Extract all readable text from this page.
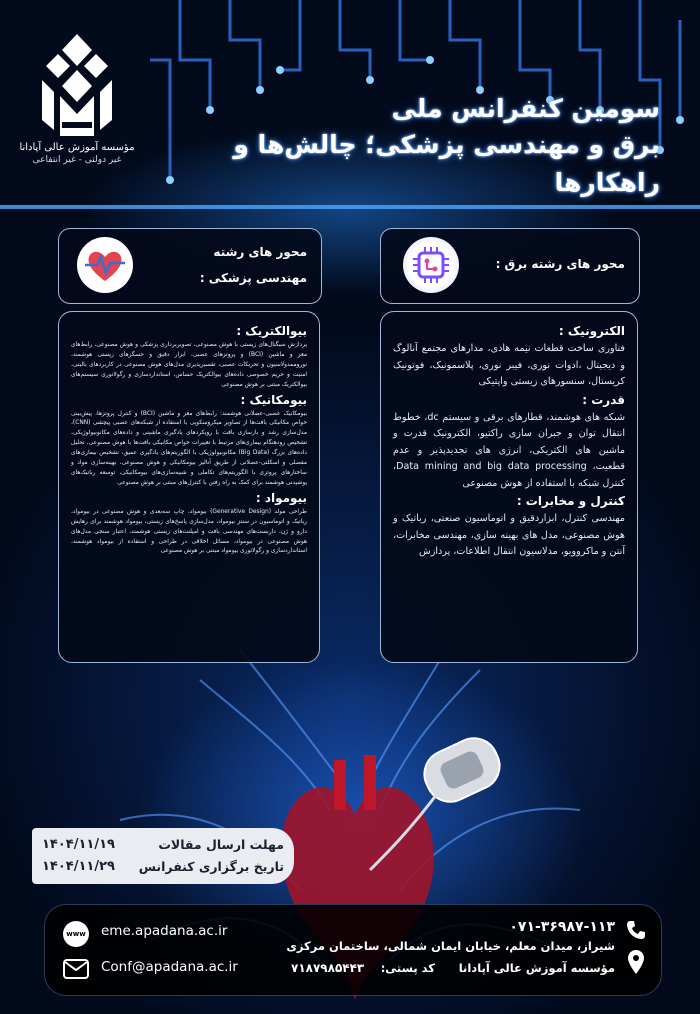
مؤسسه آموزش عالی آپادانا
غیر دولتی - غیر انتفاعی
سومین کنفرانس ملی
برق و مهندسی پزشکی؛ چالش‌ها و راهکارها
محور های رشته برق :
محور های رشته
مهندسی پزشکی :
الکترونیک :
فناوری ساخت قطعات نیمه هادی، مدارهای مجتمع آنالوگ و دیجیتال ،ادوات نوری، فیبر نوری، پلاسمونیک، فوتونیک کریستال، سنسورهای زیستی واپتیکی
قدرت :
شبکه های هوشمند، قطارهای برقی و سیستم dc، خطوط انتقال توان و جبران سازی راکتیو، الکترونیک قدرت و ماشین های الکتریکی، انرژی های تجدیدپذیر و عدم قطعیت، Data mining and big data processing، کنترل شبکه با استفاده از هوش مصنوعی
کنترل و مخابرات :
مهندسی کنترل، ابزاردقیق و اتوماسیون صنعتی، رباتیک و هوش مصنوعی، مدل های بهینه سازی، مهندسی مخابرات، آنتن و ماکروویو، مدلاسیون انتقال اطلاعات، پردازش
بیوالکتریک :
پردازش سیگنال‌های زیستی با هوش مصنوعی، تصویربرداری پزشکی و هوش مصنوعی، رابط‌های مغز و ماشین (BCI) و پروتزهای عصبی، ابزار دقیق و حسگرهای زیستی هوشمند، نوروممدولاسیون و تحریکات عصبی، تفسیرپذیری مدل‌های هوش مصنوعی در کاربردهای بالینی، امنیت و حریم خصوصی داده‌های بیوالکتریک حساس، استانداردسازی و رگولاتوری سیستم‌های بیوالکتریک مبتنی بر هوش مصنوعی
بیومکانیک :
بیومکانیک عصبی-عضلانی هوشمند: رابط‌های مغز و ماشین (BCI) و کنترل پروتزها، پیش‌بینی خواص مکانیکی بافت‌ها از تصاویر میکروسکوپی با استفاده از شبکه‌های عصبی پیچشی (CNN)، مدل‌سازی رشد و بازسازی بافت با رویکردهای یادگیری ماشینی و داده‌های مکانوبیولوژیکی، تشخیص زودهنگام بیماری‌های مرتبط با تغییرات خواص مکانیکی بافت‌ها با هوش مصنوعی، تحلیل داده‌های بزرگ (Big Data) مکانوبیولوژیکی با الگوریتم‌های یادگیری عمیق، تشخیص بیماری‌های مفصلی و اسکلتی-عضلانی از طریق آنالیز بیومکانیکی و هوش مصنوعی، بهینه‌سازی مواد و ساختارهای پروتزی با الگوریتم‌های تکاملی و شبیه‌سازی‌های بیومکانیکی، توسعه رباتیک‌های پوشیدنی هوشمند برای کمک به راه رفتن با کنترل‌های مبتنی بر هوش مصنوعی
بیومواد :
طراحی مولد (Generative Design) بیومواد، چاپ سه‌بعدی و هوش مصنوعی در بیومواد، رباتیک و اتوماسیون در سنتز بیومواد، مدل‌سازی پاسخ‌های زیستی، بیومواد هوشمند برای رهایش دارو و ژن، داربست‌های مهندسی بافت و امپلنت‌های زیستی هوشمند، اعتبار سنجی مدل‌های هوش مصنوعی در بیومواد، مسائل اخلاقی در طراحی و استفاده از بیومواد هوشمند، استانداردسازی و رگولاتوری بیومواد مبتنی بر هوش مصنوعی
مهلت ارسال مقالات
۱۴۰۴/۱۱/۱۹
تاریخ برگزاری کنفرانس
۱۴۰۴/۱۱/۲۹
www eme.apadana.ac.ir
Conf@apadana.ac.ir
۰۷۱-۳۶۹۸۷-۱۱۳
شیراز، میدان معلم، خیابان ایمان شمالی، ساختمان مرکزی
مؤسسه آموزش عالی آپادانا
کد پستی:
۷۱۸۷۹۸۵۴۴۳
